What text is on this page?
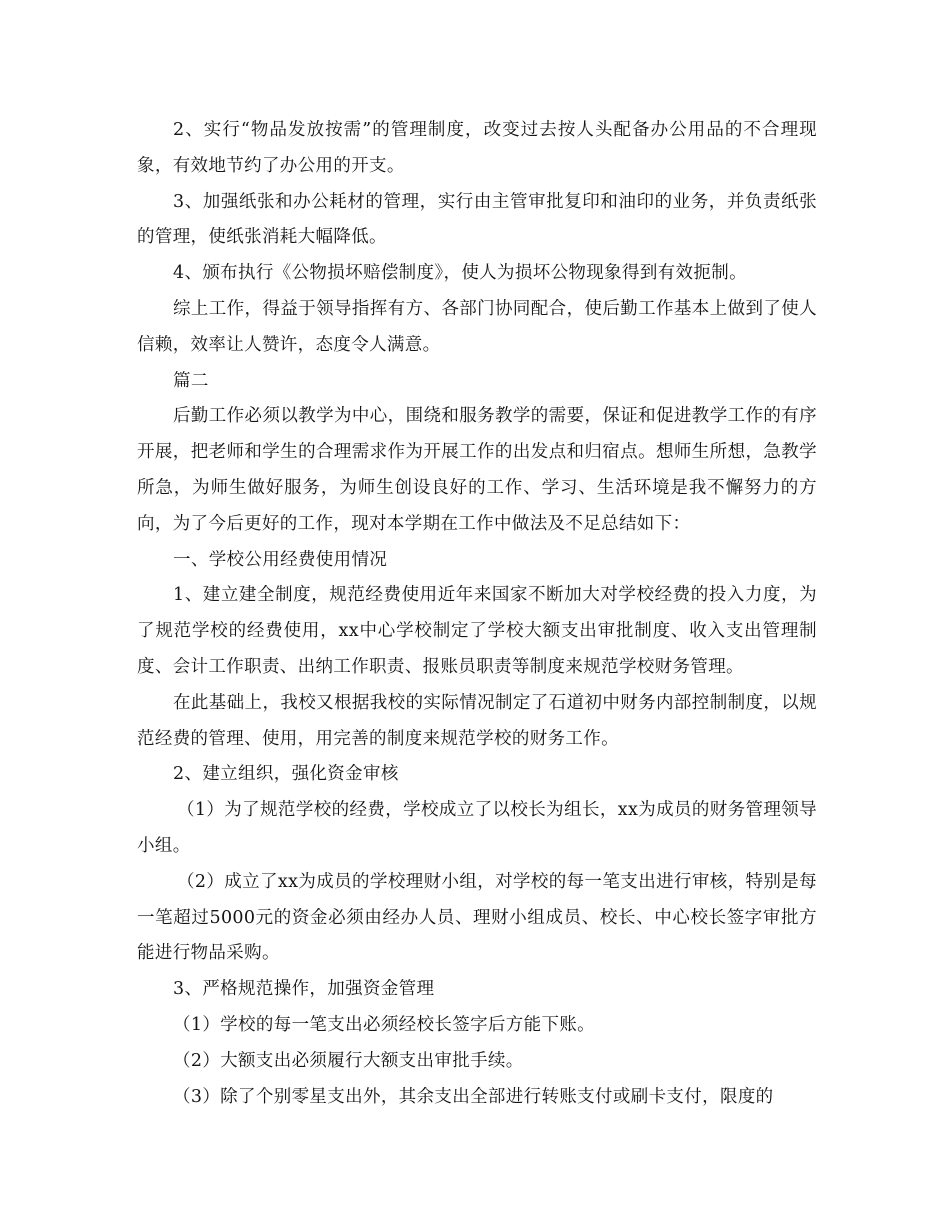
2、实行“物品发放按需”的管理制度，改变过去按人头配备办公用品的不合理现象，有效地节约了办公用的开支。

3、加强纸张和办公耗材的管理，实行由主管审批复印和油印的业务，并负责纸张的管理，使纸张消耗大幅降低。

4、颁布执行《公物损坏赔偿制度》，使人为损坏公物现象得到有效扼制。

综上工作，得益于领导指挥有方、各部门协同配合，使后勤工作基本上做到了使人信赖，效率让人赞许，态度令人满意。

篇二

后勤工作必须以教学为中心，围绕和服务教学的需要，保证和促进教学工作的有序开展，把老师和学生的合理需求作为开展工作的出发点和归宿点。想师生所想，急教学所急，为师生做好服务，为师生创设良好的工作、学习、生活环境是我不懈努力的方向，为了今后更好的工作，现对本学期在工作中做法及不足总结如下：

一、学校公用经费使用情况

1、建立建全制度，规范经费使用近年来国家不断加大对学校经费的投入力度，为了规范学校的经费使用，xx中心学校制定了学校大额支出审批制度、收入支出管理制度、会计工作职责、出纳工作职责、报账员职责等制度来规范学校财务管理。

在此基础上，我校又根据我校的实际情况制定了石道初中财务内部控制制度，以规范经费的管理、使用，用完善的制度来规范学校的财务工作。

2、建立组织，强化资金审核

（1）为了规范学校的经费，学校成立了以校长为组长，xx为成员的财务管理领导小组。

（2）成立了xx为成员的学校理财小组，对学校的每一笔支出进行审核，特别是每一笔超过5000元的资金必须由经办人员、理财小组成员、校长、中心校长签字审批方能进行物品采购。

3、严格规范操作，加强资金管理

（1）学校的每一笔支出必须经校长签字后方能下账。

（2）大额支出必须履行大额支出审批手续。

（3）除了个别零星支出外，其余支出全部进行转账支付或刷卡支付，限度的
